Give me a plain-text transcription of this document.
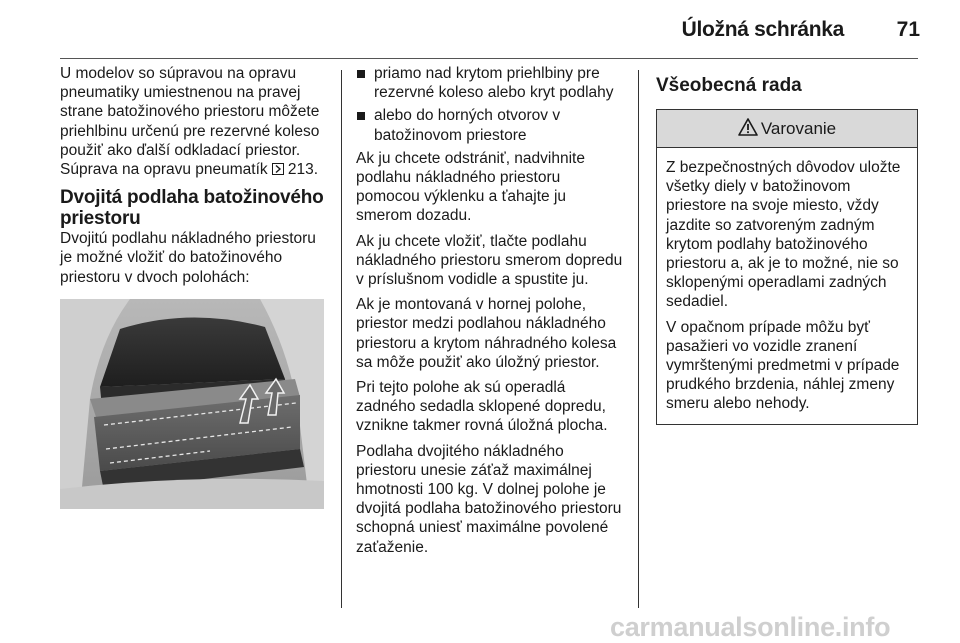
Úložná schránka	71

U modelov so súpravou na opravu pneumatiky umiestnenou na pravej strane batožinového priestoru môžete priehlbinu určenú pre rezervné koleso použiť ako ďalší odkladací priestor. Súprava na opravu pneumatík 213.

Dvojitá podlaha batožinového priestoru

Dvojitú podlahu nákladného priestoru je možné vložiť do batožinového priestoru v dvoch polohách:

priamo nad krytom priehlbiny pre rezervné koleso alebo kryt podlahy
alebo do horných otvorov v batožinovom priestore

Ak ju chcete odstrániť, nadvihnite podlahu nákladného priestoru pomocou výklenku a ťahajte ju smerom dozadu.

Ak ju chcete vložiť, tlačte podlahu nákladného priestoru smerom dopredu v príslušnom vodidle a spustite ju.

Ak je montovaná v hornej polohe, priestor medzi podlahou nákladného priestoru a krytom náhradného kolesa sa môže použiť ako úložný priestor.

Pri tejto polohe ak sú operadlá zadného sedadla sklopené dopredu, vznikne takmer rovná úložná plocha.

Podlaha dvojitého nákladného priestoru unesie záťaž maximálnej hmotnosti 100 kg. V dolnej polohe je dvojitá podlaha batožinového priestoru schopná uniesť maximálne povolené zaťaženie.

Všeobecná rada
Varovanie

Z bezpečnostných dôvodov uložte všetky diely v batožinovom priestore na svoje miesto, vždy jazdite so zatvoreným zadným krytom podlahy batožinového priestoru a, ak je to možné, nie so sklopenými operadlami zadných sedadiel.

V opačnom prípade môžu byť pasažieri vo vozidle zranení vymrštenými predmetmi v prípade prudkého brzdenia, náhlej zmeny smeru alebo nehody.

carmanualsonline.info
